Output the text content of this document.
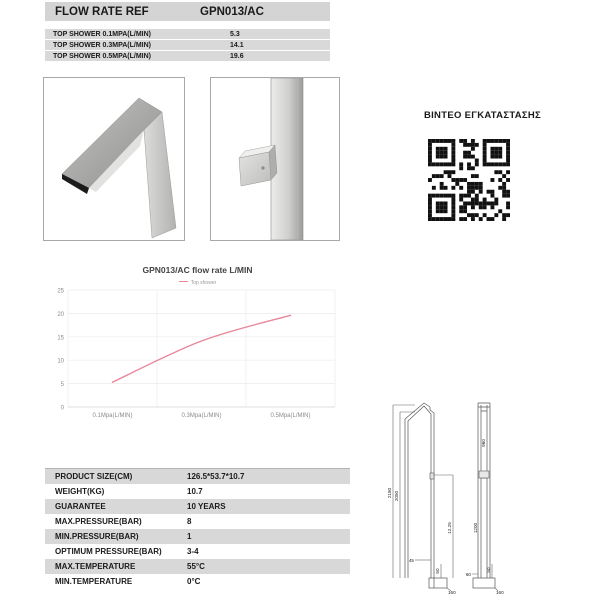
FLOW RATE REF	GPN013/AC
TOP SHOWER 0.1MPA(L/MIN)	5.3
TOP SHOWER 0.3MPA(L/MIN)	14.1
TOP SHOWER 0.5MPA(L/MIN)	19.6
ΒΙΝΤΕΟ ΕΓΚΑΤΑΣΤΑΣΗΣ
25
20
15
10
5
0
0.1Mpa(L/MIN)	0.3Mpa(L/MIN)	0.5Mpa(L/MIN)
GPN013/AC flow rate L/MIN
Top shower
PRODUCT SIZE(CM)	126.5*53.7*10.7
WEIGHT(KG)	10.7
GUARANTEE	10 YEARS
MAX.PRESSURE(BAR)	8
MIN.PRESSURE(BAR)	1
OPTIMUM PRESSURE(BAR)	3-4
MAX.TEMPERATURE	55°C
MIN.TEMPERATURE	0°C
2180 2050
12.25
45
50
160
960
1200
60
50
160
